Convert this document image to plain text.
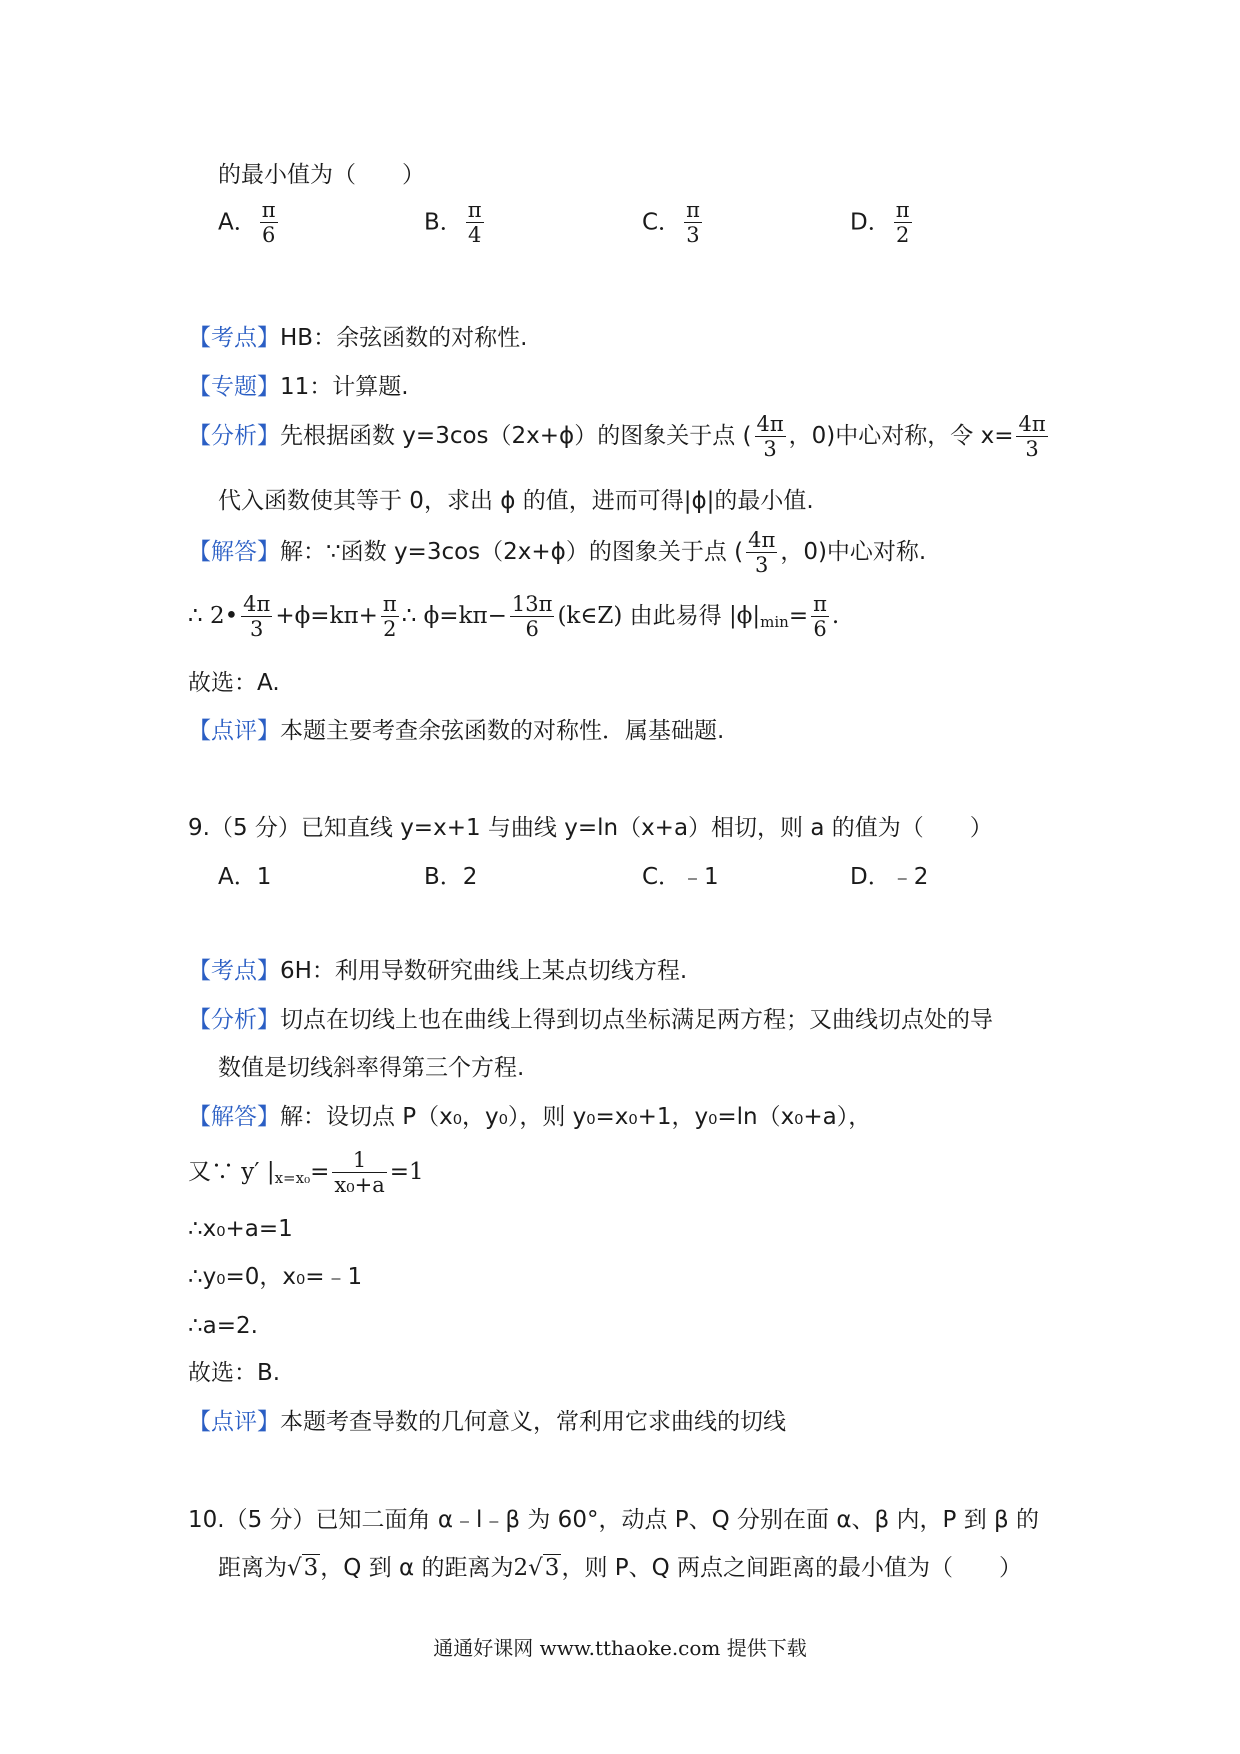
的最小值为（　　）
A． $\frac{\pi}{6}$	B． $\frac{\pi}{4}$	C． $\frac{\pi}{3}$	D． $\frac{\pi}{2}$
【考点】HB：余弦函数的对称性.
【专题】11：计算题.
【分析】先根据函数 y=3cos（2x+ϕ）的图象关于点 ( $\frac{4\pi}{3}$ ，0)中心对称，令 $x= \frac{4\pi}{3}$
代入函数使其等于 0，求出 ϕ 的值，进而可得|ϕ|的最小值.
【解答】解：∵函数 y=3cos（2x+ϕ）的图象关于点 ( $\frac{4\pi}{3}$ ，0)中心对称.
∴ 2• $\frac{4\pi}{3} +\phi=k\pi+ \frac{\pi}{2}$ ∴ $\phi=k\pi- \frac{13\pi}{6}$ (k∈Z) 由此易得 $|\phi|_{min}= \frac{\pi}{6}$ .
故选：A.
【点评】本题主要考查余弦函数的对称性．属基础题.
9.（5 分）已知直线 y=x+1 与曲线 y=ln（x+a）相切，则 a 的值为（　　）
A．1	B．2	C．﹣1	D．﹣2
【考点】6H：利用导数研究曲线上某点切线方程.
【分析】切点在切线上也在曲线上得到切点坐标满足两方程；又曲线切点处的导
数值是切线斜率得第三个方程.
【解答】解：设切点 P（x₀，y₀），则 y₀=x₀+1，y₀=ln（x₀+a），
又∵ y′ $|_{x=x_0}= \frac{1}{\text{x₀+a}} =1$
∴x₀+a=1
∴y₀=0，x₀=﹣1
∴a=2.
故选：B.
【点评】本题考查导数的几何意义，常利用它求曲线的切线
10.（5 分）已知二面角 α﹣l﹣β 为 60°，动点 P、Q 分别在面 α、β 内，P 到 β 的
距离为√3，Q 到 α 的距离为2√3，则 P、Q 两点之间距离的最小值为（　　）
通通好课网 www.tthaoke.com 提供下载
